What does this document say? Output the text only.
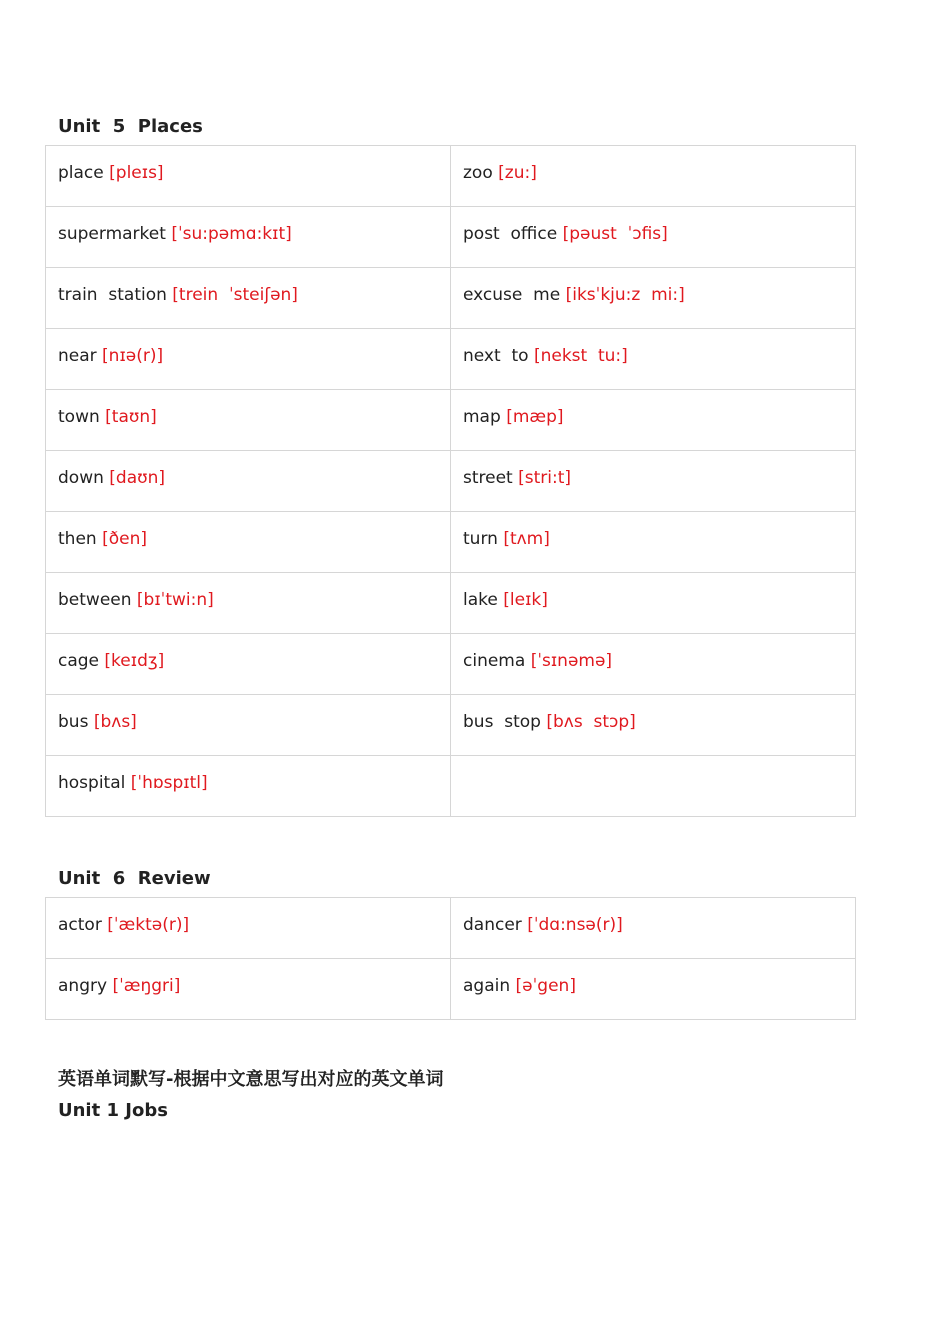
Unit  5  Places
place [pleɪs]	zoo [zu:]
supermarket [ˈsu:pəmɑ:kɪt]	post  office [pəust  ˈɔfis]
train  station [trein  ˈsteiʃən]	excuse  me [iksˈkju:z  mi:]
near [nɪə(r)]	next  to [nekst  tu:]
town [taʊn]	map [mæp]
down [daʊn]	street [stri:t]
then [ðen]	turn [tʌm]
between [bɪˈtwi:n]	lake [leɪk]
cage [keɪdʒ]	cinema [ˈsɪnəmə]
bus [bʌs]	bus  stop [bʌs  stɔp]
hospital [ˈhɒspɪtl]	
Unit  6  Review
actor [ˈæktə(r)]	dancer [ˈdɑ:nsə(r)]
angry [ˈæŋgri]	again [əˈgen]
英语单词默写-根据中文意思写出对应的英文单词
Unit 1 Jobs
